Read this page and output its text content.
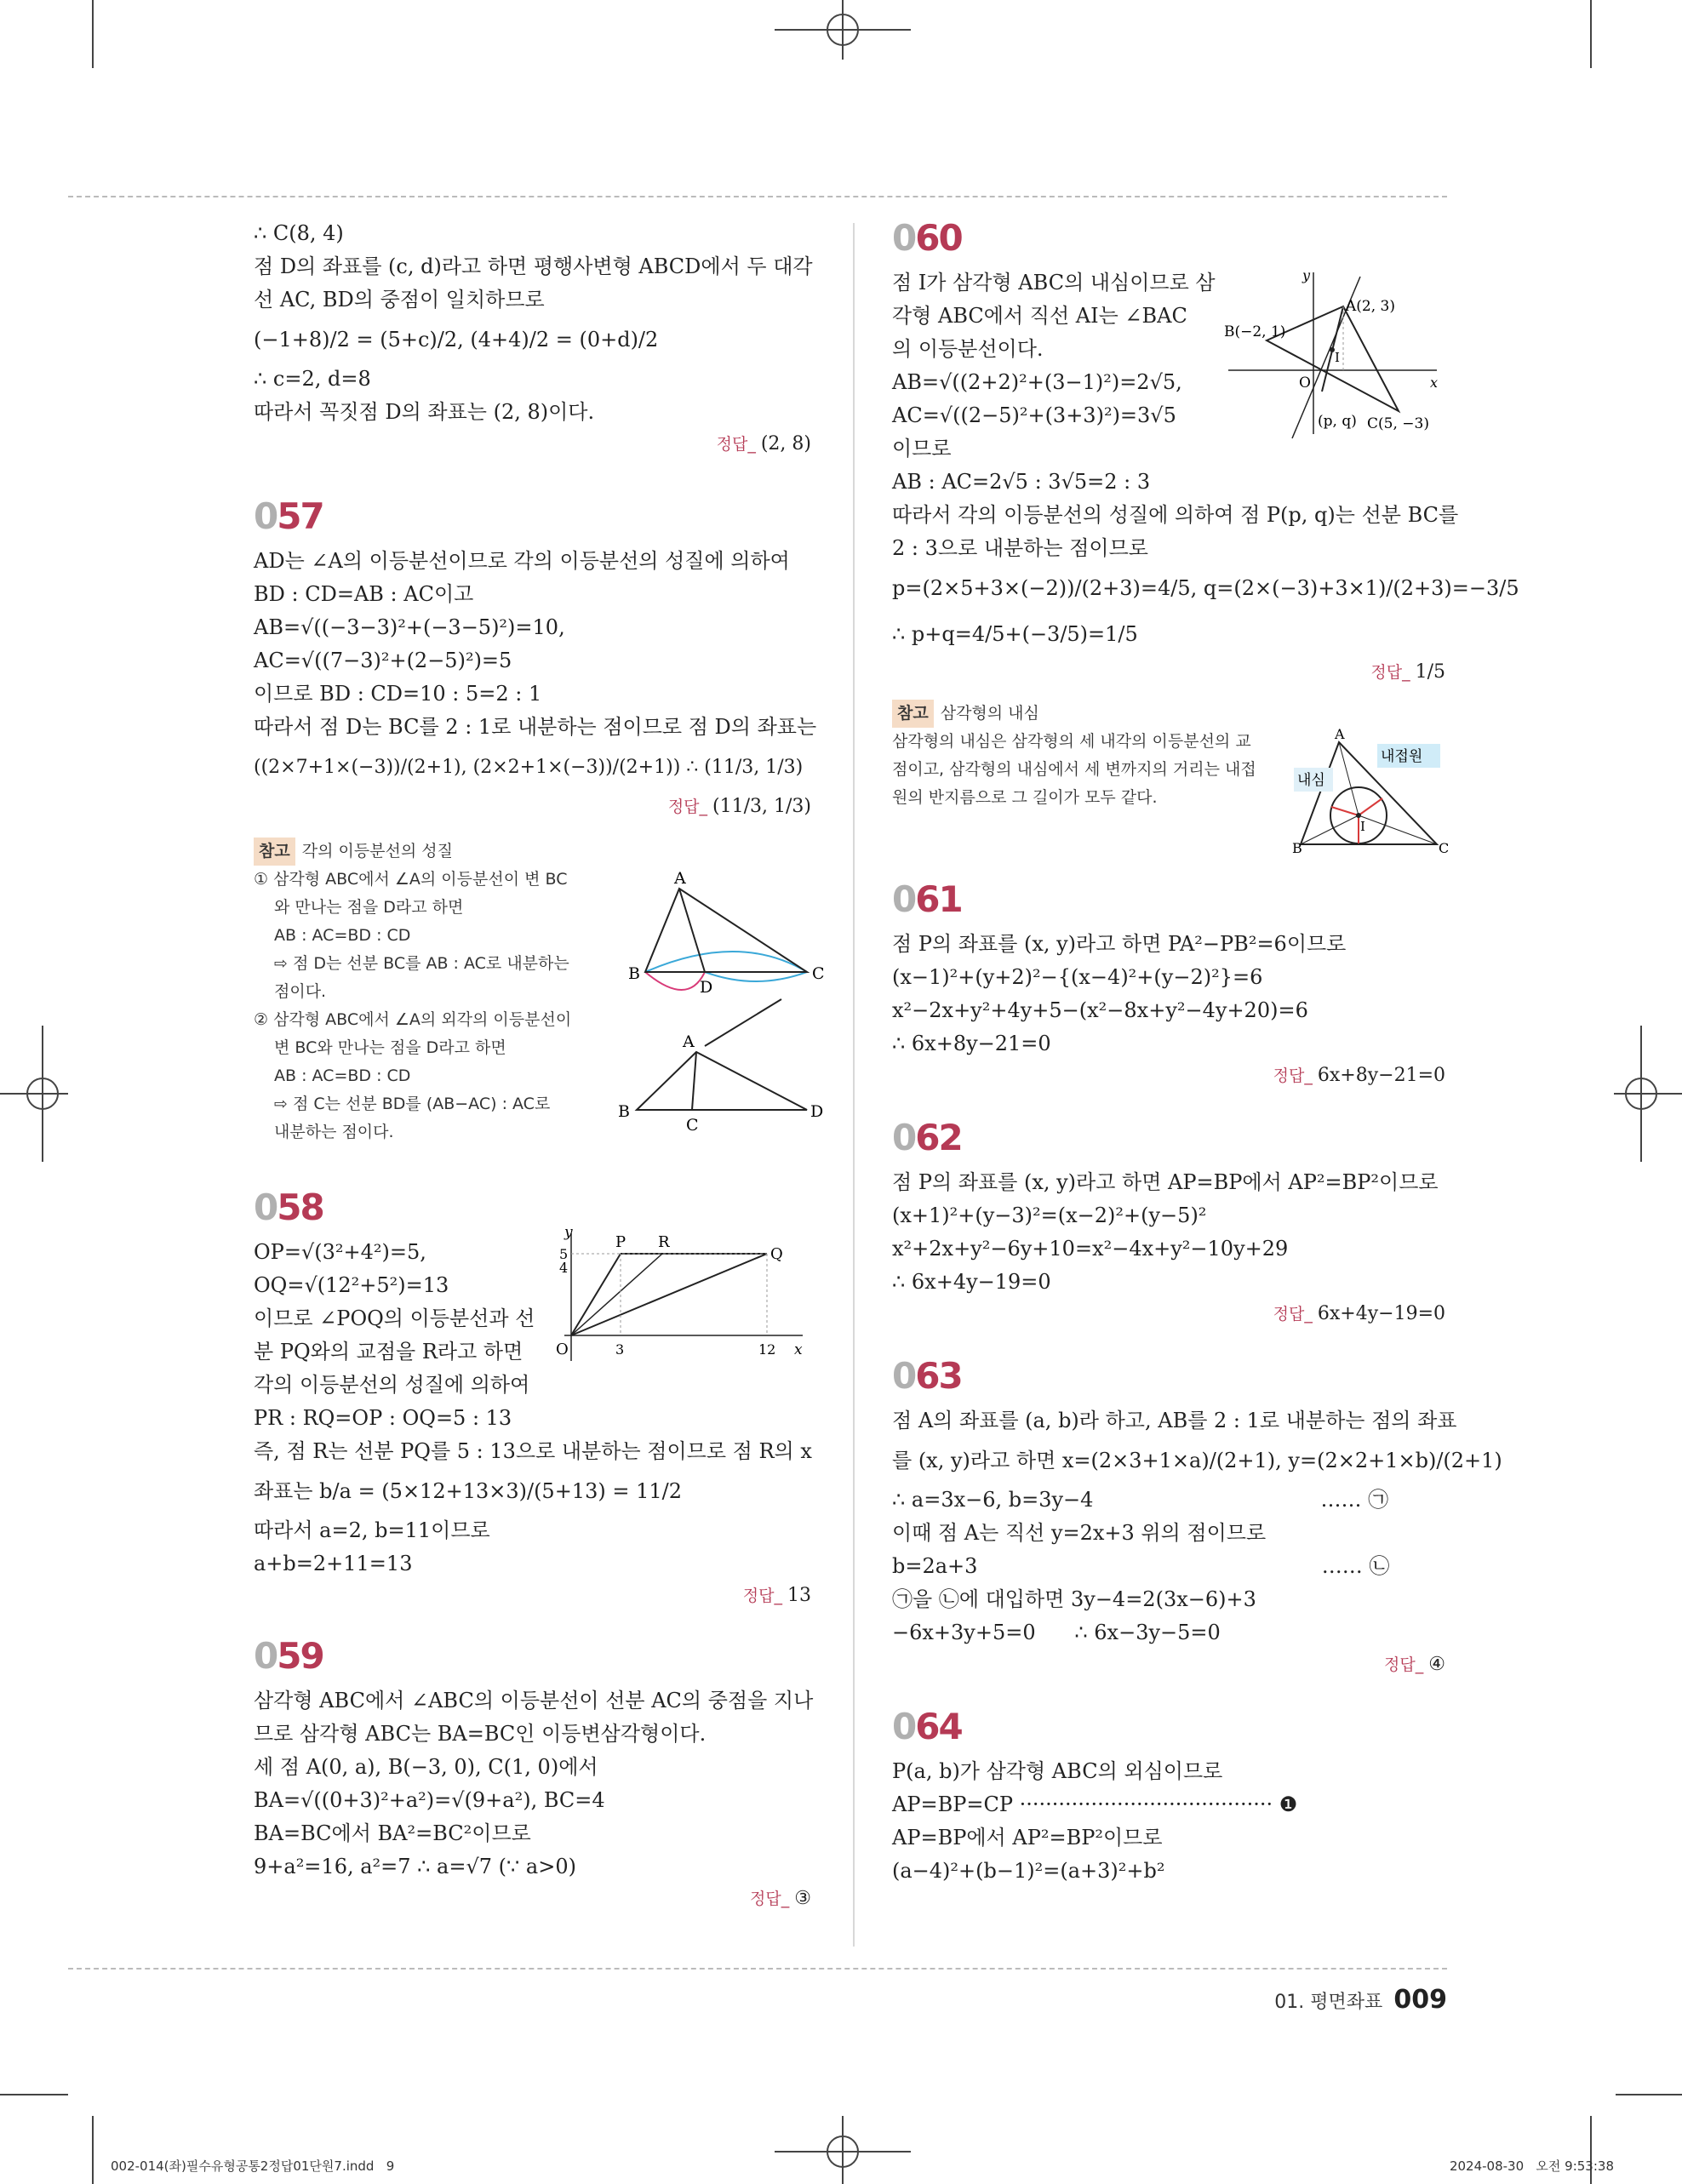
∴ C(8, 4)
점 D의 좌표를 (c, d)라고 하면 평행사변형 ABCD에서 두 대각
선 AC, BD의 중점이 일치하므로
(−1+8)/2 = (5+c)/2, (4+4)/2 = (0+d)/2
∴ c=2, d=8
따라서 꼭짓점 D의 좌표는 (2, 8)이다.
정답_ (2, 8)
057
AD는 ∠A의 이등분선이므로 각의 이등분선의 성질에 의하여
BD : CD=AB : AC이고
AB=√((−3−3)²+(−3−5)²)=10,
AC=√((7−3)²+(2−5)²)=5
이므로 BD : CD=10 : 5=2 : 1
따라서 점 D는 BC를 2 : 1로 내분하는 점이므로 점 D의 좌표는
((2×7+1×(−3))/(2+1), (2×2+1×(−3))/(2+1)) ∴ (11/3, 1/3)
정답_ (11/3, 1/3)
참고 각의 이등분선의 성질
① 삼각형 ABC에서 ∠A의 이등분선이 변 BC
와 만나는 점을 D라고 하면
AB : AC=BD : CD
⇨ 점 D는 선분 BC를 AB : AC로 내분하는
점이다.
② 삼각형 ABC에서 ∠A의 외각의 이등분선이
변 BC와 만나는 점을 D라고 하면
AB : AC=BD : CD
⇨ 점 C는 선분 BD를 (AB−AC) : AC로
내분하는 점이다.
A
B	C
D
A
B
C
D
058
OP=√(3²+4²)=5,
OQ=√(12²+5²)=13
이므로 ∠POQ의 이등분선과 선
분 PQ와의 교점을 R라고 하면
각의 이등분선의 성질에 의하여
PR : RQ=OP : OQ=5 : 13
즉, 점 R는 선분 PQ를 5 : 13으로 내분하는 점이므로 점 R의 x
좌표는 b/a = (5×12+13×3)/(5+13) = 11/2
따라서 a=2, b=11이므로
a+b=2+11=13
정답_ 13
y
x
O	3	12
5
4
P R
Q
059
삼각형 ABC에서 ∠ABC의 이등분선이 선분 AC의 중점을 지나
므로 삼각형 ABC는 BA=BC인 이등변삼각형이다.
세 점 A(0, a), B(−3, 0), C(1, 0)에서
BA=√((0+3)²+a²)=√(9+a²), BC=4
BA=BC에서 BA²=BC²이므로
9+a²=16, a²=7 ∴ a=√7 (∵ a>0)
정답_ ③
060
점 I가 삼각형 ABC의 내심이므로 삼
각형 ABC에서 직선 AI는 ∠BAC
의 이등분선이다.
AB=√((2+2)²+(3−1)²)=2√5,
AC=√((2−5)²+(3+3)²)=3√5
이므로
AB : AC=2√5 : 3√5=2 : 3
따라서 각의 이등분선의 성질에 의하여 점 P(p, q)는 선분 BC를
2 : 3으로 내분하는 점이므로
p=(2×5+3×(−2))/(2+3)=4/5, q=(2×(−3)+3×1)/(2+3)=−3/5
∴ p+q=4/5+(−3/5)=1/5
정답_ 1/5
y
x
O
I
B(−2, 1)
A(2, 3)
C(5, −3)
(p, q)
참고 삼각형의 내심
삼각형의 내심은 삼각형의 세 내각의 이등분선의 교
점이고, 삼각형의 내심에서 세 변까지의 거리는 내접
원의 반지름으로 그 길이가 모두 같다.
A
B	C
I
내심
내접원
061
점 P의 좌표를 (x, y)라고 하면 PA²−PB²=6이므로
(x−1)²+(y+2)²−{(x−4)²+(y−2)²}=6
x²−2x+y²+4y+5−(x²−8x+y²−4y+20)=6
∴ 6x+8y−21=0
정답_ 6x+8y−21=0
062
점 P의 좌표를 (x, y)라고 하면 AP=BP에서 AP²=BP²이므로
(x+1)²+(y−3)²=(x−2)²+(y−5)²
x²+2x+y²−6y+10=x²−4x+y²−10y+29
∴ 6x+4y−19=0
정답_ 6x+4y−19=0
063
점 A의 좌표를 (a, b)라 하고, AB를 2 : 1로 내분하는 점의 좌표
를 (x, y)라고 하면 x=(2×3+1×a)/(2+1), y=(2×2+1×b)/(2+1)
∴ a=3x−6, b=3y−4                                   …… ㉠
이때 점 A는 직선 y=2x+3 위의 점이므로
b=2a+3                                                     …… ㉡
㉠을 ㉡에 대입하면 3y−4=2(3x−6)+3
−6x+3y+5=0      ∴ 6x−3y−5=0
정답_ ④
064
P(a, b)가 삼각형 ABC의 외심이므로
AP=BP=CP ······································· ❶
AP=BP에서 AP²=BP²이므로
(a−4)²+(b−1)²=(a+3)²+b²
01. 평면좌표 009
002-014(좌)필수유형공통2정답01단원7.indd   9	2024-08-30   오전 9:53:38
